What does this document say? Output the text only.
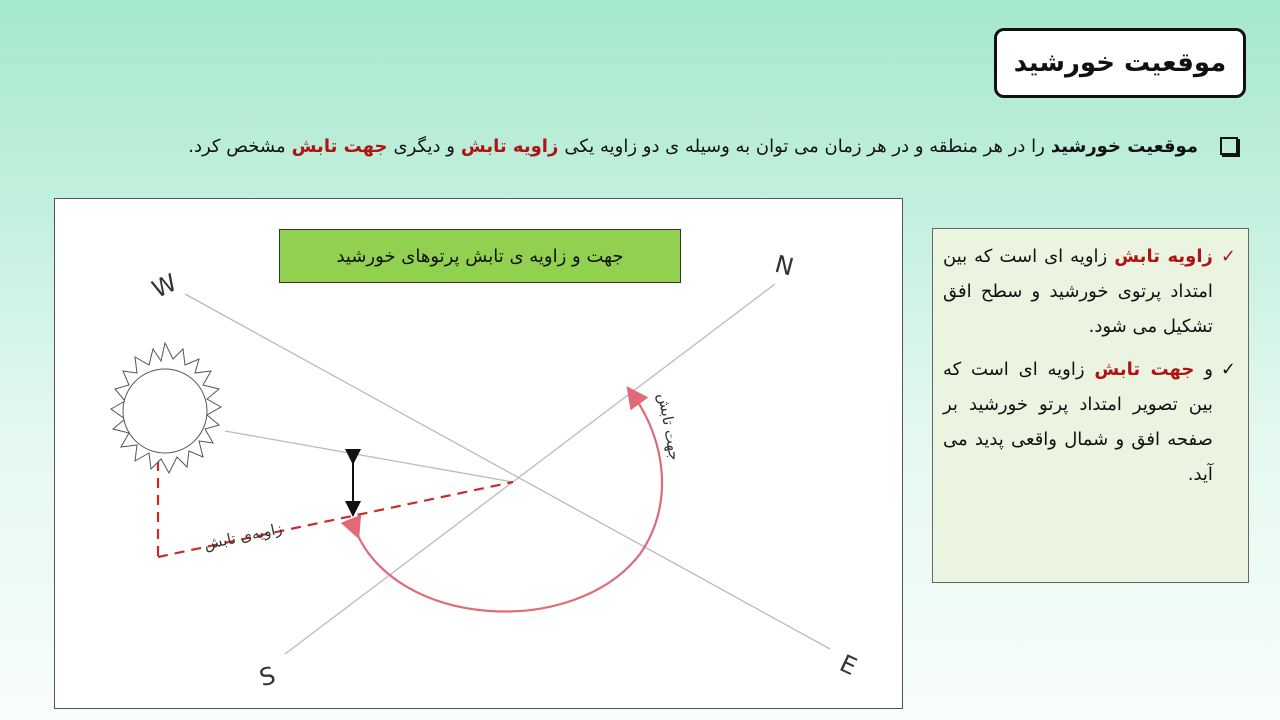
موقعیت خورشید
موقعیت خورشید
را در هر منطقه و در هر زمان می توان به وسیله ی دو زاویه یکی
زاویه تابش
و دیگری
جهت تابش
مشخص کرد.
N
W
S	E
زاویه‌ی تابش
جهت تابش
جهت و زاویه ی تابش پرتوهای خورشید	✓
زاویه تابش زاویه ای است که بین امتداد پرتوی خورشید و سطح افق تشکیل می شود.
✓
و جهت تابش زاویه ای است که بین تصویر امتداد پرتو خورشید بر صفحه افق و شمال واقعی پدید می آید.
